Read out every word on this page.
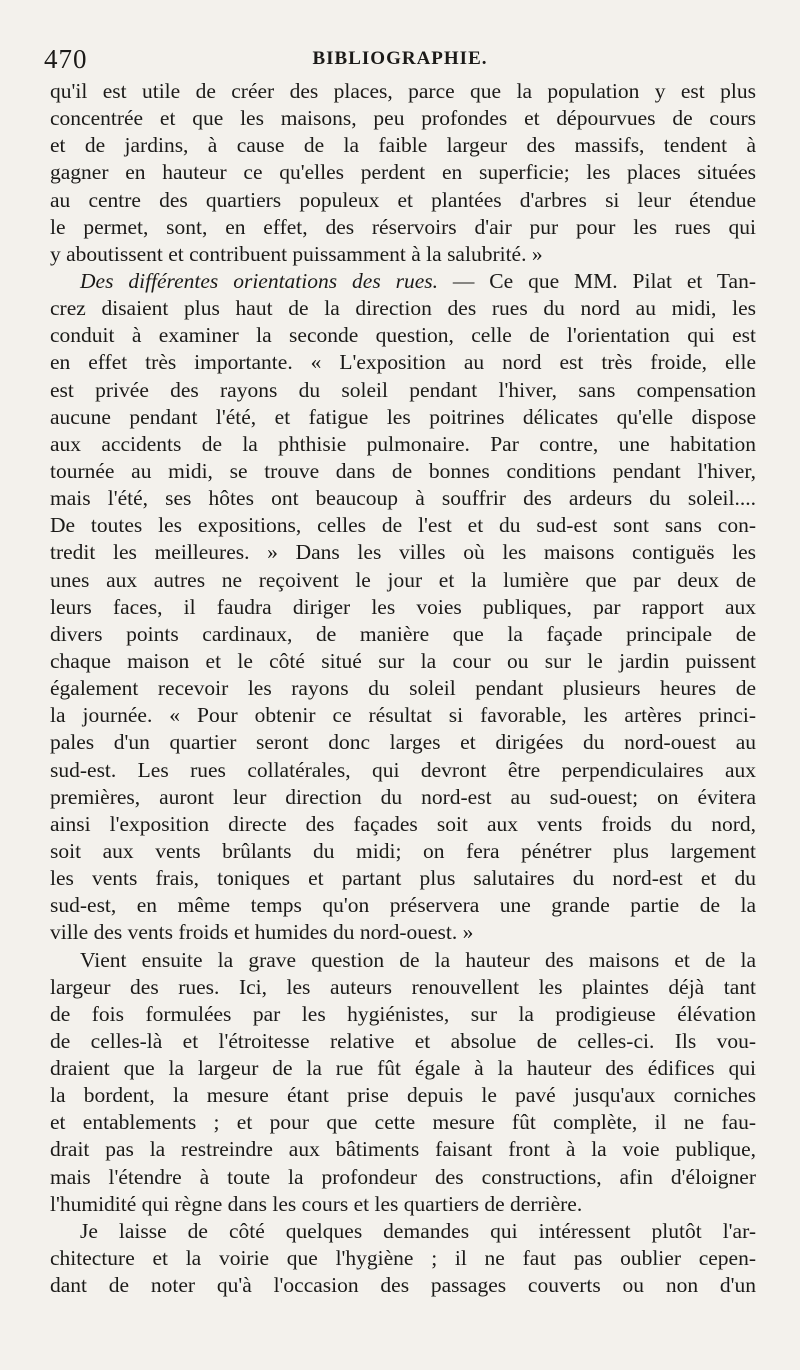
470	BIBLIOGRAPHIE.
qu'il est utile de créer des places, parce que la population y est plus
concentrée et que les maisons, peu profondes et dépourvues de cours
et de jardins, à cause de la faible largeur des massifs, tendent à
gagner en hauteur ce qu'elles perdent en superficie; les places situées
au centre des quartiers populeux et plantées d'arbres si leur étendue
le permet, sont, en effet, des réservoirs d'air pur pour les rues qui
y aboutissent et contribuent puissamment à la salubrité. »
Des différentes orientations des rues. — Ce que MM. Pilat et Tan-
crez disaient plus haut de la direction des rues du nord au midi, les
conduit à examiner la seconde question, celle de l'orientation qui est
en effet très importante. « L'exposition au nord est très froide, elle
est privée des rayons du soleil pendant l'hiver, sans compensation
aucune pendant l'été, et fatigue les poitrines délicates qu'elle dispose
aux accidents de la phthisie pulmonaire. Par contre, une habitation
tournée au midi, se trouve dans de bonnes conditions pendant l'hiver,
mais l'été, ses hôtes ont beaucoup à souffrir des ardeurs du soleil....
De toutes les expositions, celles de l'est et du sud-est sont sans con-
tredit les meilleures. » Dans les villes où les maisons contiguës les
unes aux autres ne reçoivent le jour et la lumière que par deux de
leurs faces, il faudra diriger les voies publiques, par rapport aux
divers points cardinaux, de manière que la façade principale de
chaque maison et le côté situé sur la cour ou sur le jardin puissent
également recevoir les rayons du soleil pendant plusieurs heures de
la journée. « Pour obtenir ce résultat si favorable, les artères princi-
pales d'un quartier seront donc larges et dirigées du nord-ouest au
sud-est. Les rues collatérales, qui devront être perpendiculaires aux
premières, auront leur direction du nord-est au sud-ouest; on évitera
ainsi l'exposition directe des façades soit aux vents froids du nord,
soit aux vents brûlants du midi; on fera pénétrer plus largement
les vents frais, toniques et partant plus salutaires du nord-est et du
sud-est, en même temps qu'on préservera une grande partie de la
ville des vents froids et humides du nord-ouest. »
Vient ensuite la grave question de la hauteur des maisons et de la
largeur des rues. Ici, les auteurs renouvellent les plaintes déjà tant
de fois formulées par les hygiénistes, sur la prodigieuse élévation
de celles-là et l'étroitesse relative et absolue de celles-ci. Ils vou-
draient que la largeur de la rue fût égale à la hauteur des édifices qui
la bordent, la mesure étant prise depuis le pavé jusqu'aux corniches
et entablements ; et pour que cette mesure fût complète, il ne fau-
drait pas la restreindre aux bâtiments faisant front à la voie publique,
mais l'étendre à toute la profondeur des constructions, afin d'éloigner
l'humidité qui règne dans les cours et les quartiers de derrière.
Je laisse de côté quelques demandes qui intéressent plutôt l'ar-
chitecture et la voirie que l'hygiène ; il ne faut pas oublier cepen-
dant de noter qu'à l'occasion des passages couverts ou non d'un
